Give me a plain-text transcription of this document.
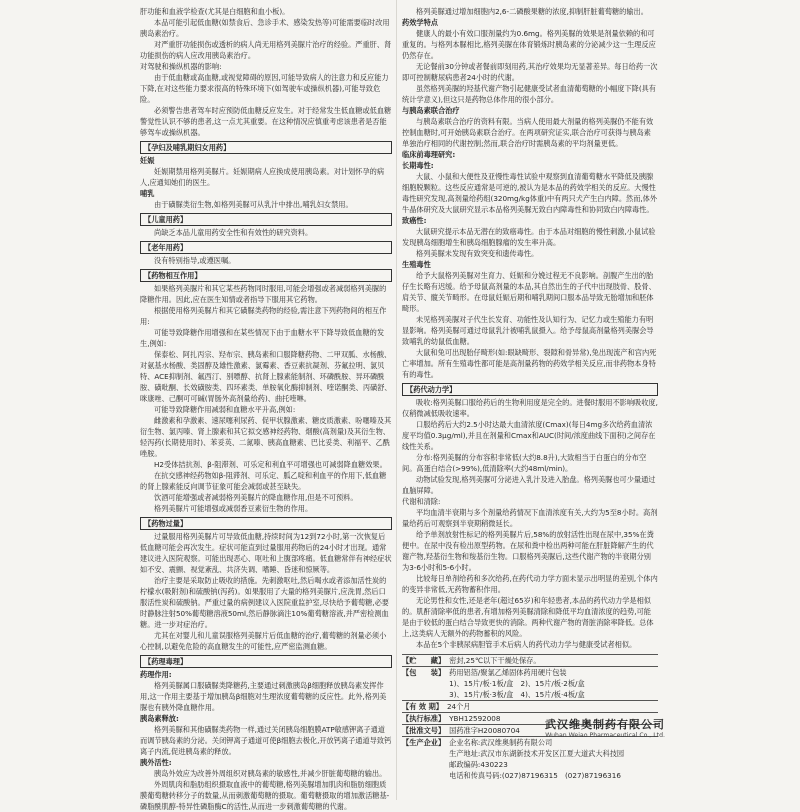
肝功能和血液学检查(尤其是白细胞和血小板)。

本品可能引起低血糖(如禁食后、急诊手术、感染发热等)可能需要临时改用胰岛素治疗。

对严重肝功能损伤或透析的病人尚无用格列美脲片治疗的经验。严重肝、肾功能损伤的病人应改用胰岛素治疗。

对驾驶和操纵机器的影响:

由于低血糖或高血糖,或视觉障碍的原因,可能导致病人的注意力和反应能力下降,在对这些能力要求很高的特殊环境下(如驾驶车或操纵机器),可能导致危险。

必须警告患者驾车时应预防低血糖反应发生。对于经常发生低血糖或低血糖警觉性认识不够的患者,这一点尤其重要。在这种情况应慎重考虑该患者是否能够驾车或操纵机器。

【孕妇及哺乳期妇女用药】

妊娠

妊娠期禁用格列美脲片。妊娠期病人应换成使用胰岛素。对计划怀孕的病人,应通知她们的医生。

哺乳

由于磺脲类衍生物,如格列美脲可从乳汁中排出,哺乳妇女禁用。

【儿童用药】

尚缺乏本品儿童用药安全性和有效性的研究资料。

【老年用药】

没有特别指导,或遵医嘱。

【药物相互作用】

如果格列美脲片和其它某些药物同时服用,可能会增强或者减弱格列美脲的降糖作用。因此,应在医生知情或者指导下服用其它药物。

根据使用格列美脲片和其它磺脲类药物的经验,需注意下列药物间的相互作用:

可能导致降糖作用增强和在某些情况下由于血糖水平下降导致低血糖的发生,例如:

保泰松、阿扎丙宗、羟布宗、胰岛素和口服降糖药物、二甲双胍、水杨酸、对氨基水杨酸、类固醇及雄性激素、氯霉素、香豆素抗凝剂、芬氟拉明、氯贝特、ACE抑制剂、氟西汀、别嘌醇、抗肾上腺素能制剂、环磷酰胺、异环磷酰胺、磺吡酮、长效磺胺类、四环素类、单胺氧化酶抑制剂、喹诺酮类、丙磺舒、咪康唑、己酮可可碱(胃肠外高剂量给药)、曲托喹啉。

可能导致降糖作用减弱和血糖水平升高,例如:

雌激素和孕激素、速尿噻利尿药、促甲状腺激素、糖皮质激素、吩噻嗪及其衍生物、氯丙嗪、肾上腺素和其它拟交感神经药物、烟酸(高剂量)及其衍生物、轻泻药(长期使用时)、苯妥英、二氮嗪、胰高血糖素、巴比妥类、利福平、乙酰唑胺。

H2受体拮抗剂、β-阻滞剂、可乐定和利血平可增强也可减弱降血糖效果。

在抗交感神经药物如β-阻滞剂、可乐定、胍乙啶和利血平的作用下,低血糖的肾上腺素能反向调节征象可能会减弱或甚至缺失。

饮酒可能增强或者减弱格列美脲片的降血糖作用,但是不可预料。

格列美脲片可能增强或减弱香豆素衍生物的作用。

【药物过量】

过量服用格列美脲片可导致低血糖,持续时间为12到72小时,第一次恢复后低血糖可能会再次发生。症状可能直到过量服用药物后的24小时才出现。通常建议进入医院观察。可能出现恶心、呕吐和上腹部疼痛。低血糖常伴有神经症状如不安、震颤、视觉紊乱、共济失调、嗜睡、昏迷和惊厥等。

治疗主要是采取防止吸收的措施。先刺激呕吐,然后喝水或者添加活性炭的柠檬水(吸附剂)和硫酸钠(泻药)。如果服用了大量的格列美脲片,应洗胃,然后口服活性炭和硫酸钠。严重过量的病例建议入医院重监护室,尽快给予葡萄糖,必要时静脉注射50%葡萄糖溶液50ml,然后静脉滴注10%葡萄糖溶液,并严密检测血糖。进一步对症治疗。

尤其在对婴儿和儿童误服格列美脲片后低血糖的治疗,葡萄糖的剂量必须小心控制,以避免危险的高血糖发生的可能性,应严密监测血糖。

【药理毒理】

药理作用:

格列美脲属口服磺脲类降糖药,主要通过刺激胰岛β细胞释放胰岛素发挥作用,这一作用主要基于增加胰岛β细胞对生理浓度葡萄糖的反应性。此外,格列美脲也有胰外降血糖作用。

胰岛素释放:

格列美脲和其他磺脲类药物一样,通过关闭胰岛细胞膜ATP敏感钾离子通道而调节胰岛素的分泌。关闭钾离子通道可使β细胞去极化,开放钙离子通道导致钙离子内流,促进胰岛素的释放。

胰外活性:

胰岛外效应为改善外周组织对胰岛素的敏感性,并减少肝脏葡萄糖的输出。

外周肌肉和脂肪组织摄取血液中的葡萄糖,格列美脲增加肌肉和脂肪细胞质膜葡萄糖转移分子的数量,从而刺激葡萄糖的摄取。葡萄糖摄取的增加激活糖基-磷脂酰肌醇-特异性磷脂酶C的活性,从而进一步刺激葡萄糖的代谢。

格列美脲通过增加细胞内2,6-二磷酸果糖的浓度,抑制肝脏葡萄糖的输出。

药效学特点

健康人的最小有效口服剂量约为0.6mg。格列美脲的效果是剂量依赖的和可重复的。与格列本脲相比,格列美脲在体育锻炼时胰岛素的分泌减少这一生理反应仍然存在。

无论餐前30分钟或者餐前即刻用药,其治疗效果均无显著差异。每日给药一次即可控制糖尿病患者24小时的代谢。

虽然格列美脲的羟基代谢产物引起健康受试者血清葡萄糖的小幅度下降(具有统计学意义),但这只是药物总体作用的很小部分。

与胰岛素联合治疗

与胰岛素联合治疗的资料有限。当病人使用最大剂量的格列美脲仍不能有效控制血糖时,可开始胰岛素联合治疗。在两项研究证实,联合治疗可获得与胰岛素单独治疗相同的代谢控制;然而,联合治疗时需胰岛素的平均剂量更低。

临床前毒理研究:

长期毒性:

大鼠、小鼠和大便性及亚慢性毒性试验中观察到血清葡萄糖水平降低及胰腺细胞脱颗粒。这些反应通常是可逆的,被认为是本品的药效学相关的反应。大慢性毒性研究发现,高剂量给药组(320mg/kg体重)中有两只犬产生白内障。然而,体外牛晶体研究及大鼠研究显示本品格列美脲无致白内障毒性和协同致白内障毒性。

致癌性:

大鼠研究提示本品无潜在的致癌毒性。由于本品对细胞的慢性刺激,小鼠试验发现胰岛细胞增生和胰岛细胞腺瘤的发生率升高。

格列美脲未发现有致突变和遗传毒性。

生殖毒性

给予大鼠格列美脲对生育力、妊娠和分娩过程无不良影响。剖腹产生出的胎仔生长略有迟缓。给予母鼠高剂量的本品,其自然出生的子代中出现肢骨、股骨、肩关节、髋关节畸形。在母鼠妊娠后期和哺乳期间口服本品导致无胎增加和胚体畸形。

未见格列美脲对子代生长发育、功能性及认知行为、记忆力或生殖能力有明显影响。格列美脲可通过母鼠乳汁被哺乳鼠摄入。给予母鼠高剂量格列美脲会导致哺乳的幼鼠低血糖。

大鼠和兔可出现胎仔畸形(如:眼缺畸形、裂隙和骨异常),兔出现流产和宫内死亡率增加。所有生殖毒性都可能是高剂量药物的药效学相关反应,而非药物本身特有的毒性。

【药代动力学】

吸收:格列美脲口服给药后的生物利用度是完全的。进餐时服用不影响吸收度,仅稍微减低吸收速率。

口服给药后大约2.5小时达最大血清浓度(Cmax)(每日4mg多次给药血清浓度平均值0.3μg/ml),并且在剂量和Cmax和AUC(时间/浓度曲线下面积)之间存在线性关系。

分布:格列美脲的分布容积非常低(大约8.8升),大致相当于白蛋白的分布空间。高蛋白结合(>99%),低清除率(大约48ml/min)。

动物试验发现,格列美脲可分泌进入乳汁及进入胎盘。格列美脲也可少量通过血脑屏障。

代谢和清除:

平均血清半衰期与多个剂量给药情况下血清浓度有关,大约为5至8小时。高剂量给药后可观察到半衰期稍微延长。

给予单剂放射性标记的格列美脲片后,58%的放射活性出现在尿中,35%在粪便中。在尿中没有检出原型药物。在尿和粪中检出两种可能在肝脏降解产生的代谢产物,羟基衍生物和羧基衍生物。口服格列美脲后,这些代谢产物的半衰期分别为3-6小时和5-6小时。

比较每日单剂给药和多次给药,在药代动力学方面未显示出明显的差别,个体内的变异非常低,无药物蓄积作用。

无论男性和女性,还是老年(超过65岁)和年轻患者,本品的药代动力学是相似的。肌酐清除率低的患者,有增加格列美脲清除和降低平均血清浓度的趋势,可能是由于较低的蛋白结合导致更快的消除。两种代谢产物的肾脏消除率降低。总体上,这类病人无额外的药物蓄积的风险。

本品在5个非胰尿病胆管手术后病人的药代动力学与健康受试者相似。

【贮　　藏】 密封,25℃以下干燥处保存。
【包　　装】 药用铝箔/聚氯乙烯固体药用硬片包装
1)、15片/板·1板/盒　2)、15片/板·2板/盒
3)、15片/板·3板/盒　4)、15片/板·4板/盒
【有 效 期】 24个月
【执行标准】 YBH12592008
【批准文号】 国药准字H20080704
【生产企业】 企业名称:武汉维奥制药有限公司
生产地址:武汉市东湖新技术开发区江夏大道武大科技园
邮政编码:430223
电话和传真号码:(027)87196315　(027)87196316
武汉维奥制药有限公司
Wuhan Weiao Pharmaceutical Co., Ltd.
